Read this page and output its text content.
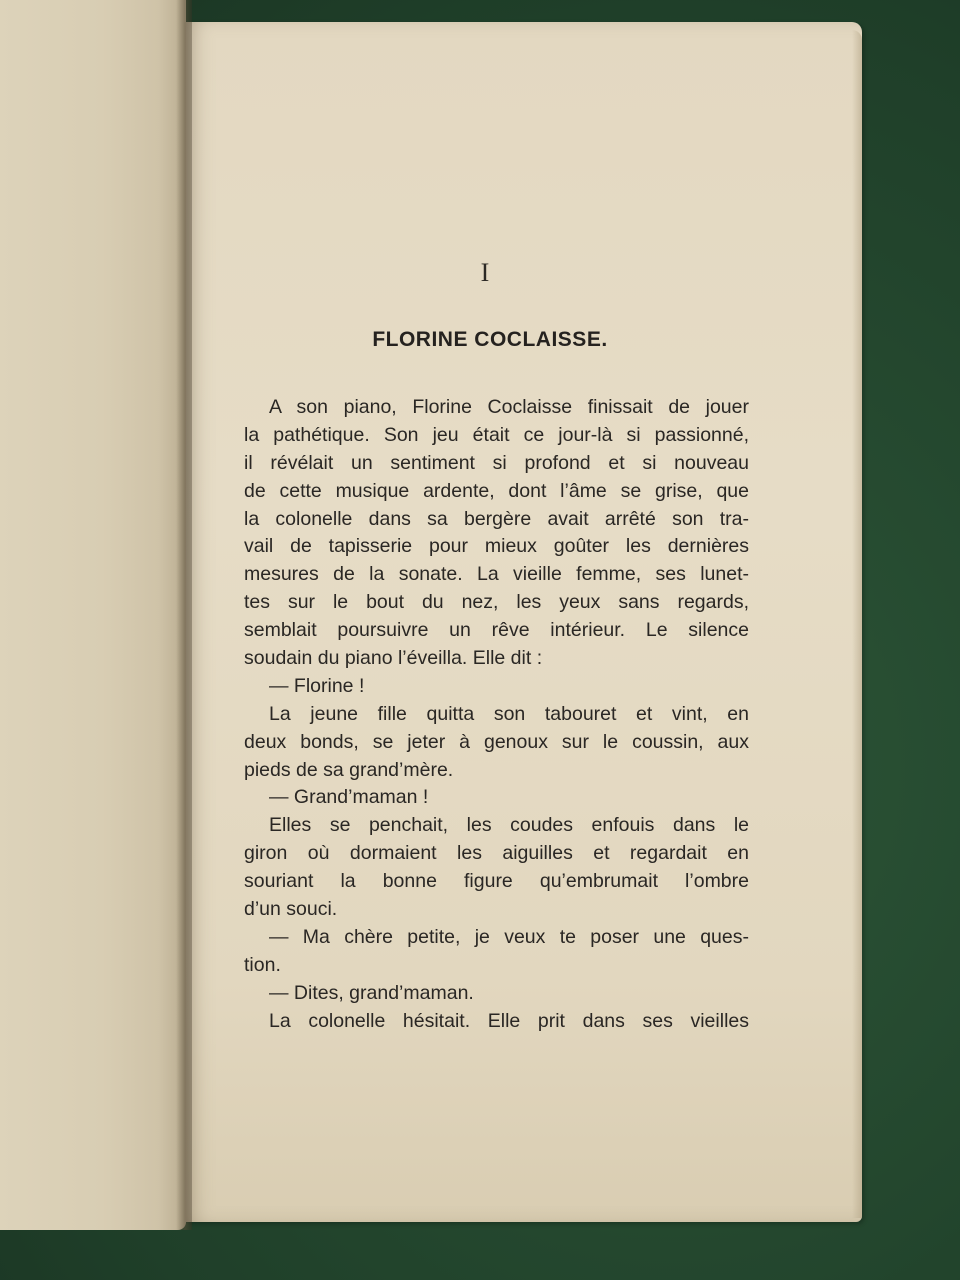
I
FLORINE COCLAISSE.
A son piano, Florine Coclaisse finissait de jouer
la pathétique. Son jeu était ce jour-là si passionné,
il révélait un sentiment si profond et si nouveau
de cette musique ardente, dont l’âme se grise, que
la colonelle dans sa bergère avait arrêté son tra-
vail de tapisserie pour mieux goûter les dernières
mesures de la sonate. La vieille femme, ses lunet-
tes sur le bout du nez, les yeux sans regards,
semblait poursuivre un rêve intérieur. Le silence
soudain du piano l’éveilla. Elle dit :
— Florine !
La jeune fille quitta son tabouret et vint, en
deux bonds, se jeter à genoux sur le coussin, aux
pieds de sa grand’mère.
— Grand’maman !
Elles se penchait, les coudes enfouis dans le
giron où dormaient les aiguilles et regardait en
souriant la bonne figure qu’embrumait l’ombre
d’un souci.
— Ma chère petite, je veux te poser une ques-
tion.
— Dites, grand’maman.
La colonelle hésitait. Elle prit dans ses vieilles
